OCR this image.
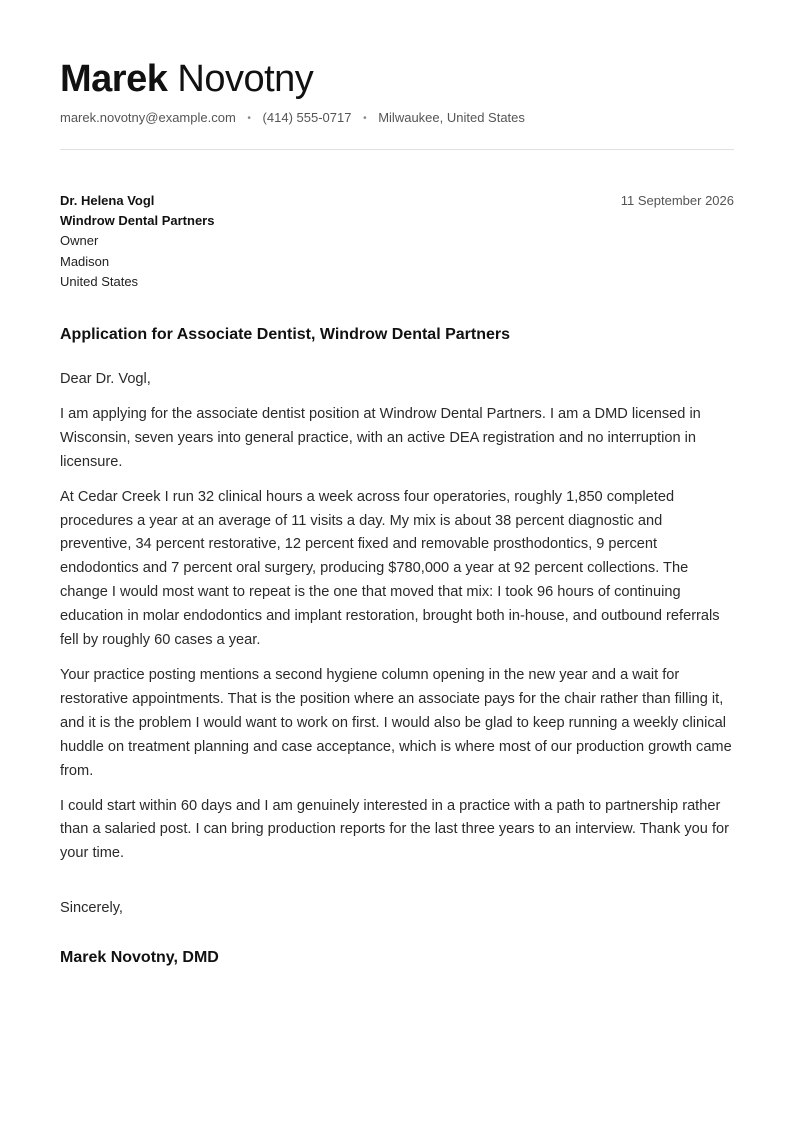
Marek Novotny
marek.novotny@example.com • (414) 555-0717 • Milwaukee, United States
Dr. Helena Vogl
Windrow Dental Partners
Owner
Madison
United States
11 September 2026
Application for Associate Dentist, Windrow Dental Partners

Dear Dr. Vogl,

I am applying for the associate dentist position at Windrow Dental Partners. I am a DMD licensed in Wisconsin, seven years into general practice, with an active DEA registration and no interruption in licensure.

At Cedar Creek I run 32 clinical hours a week across four operatories, roughly 1,850 completed procedures a year at an average of 11 visits a day. My mix is about 38 percent diagnostic and preventive, 34 percent restorative, 12 percent fixed and removable prosthodontics, 9 percent endodontics and 7 percent oral surgery, producing $780,000 a year at 92 percent collections. The change I would most want to repeat is the one that moved that mix: I took 96 hours of continuing education in molar endodontics and implant restoration, brought both in-house, and outbound referrals fell by roughly 60 cases a year.

Your practice posting mentions a second hygiene column opening in the new year and a wait for restorative appointments. That is the position where an associate pays for the chair rather than filling it, and it is the problem I would want to work on first. I would also be glad to keep running a weekly clinical huddle on treatment planning and case acceptance, which is where most of our production growth came from.

I could start within 60 days and I am genuinely interested in a practice with a path to partnership rather than a salaried post. I can bring production reports for the last three years to an interview. Thank you for your time.

Sincerely,
Marek Novotny, DMD
